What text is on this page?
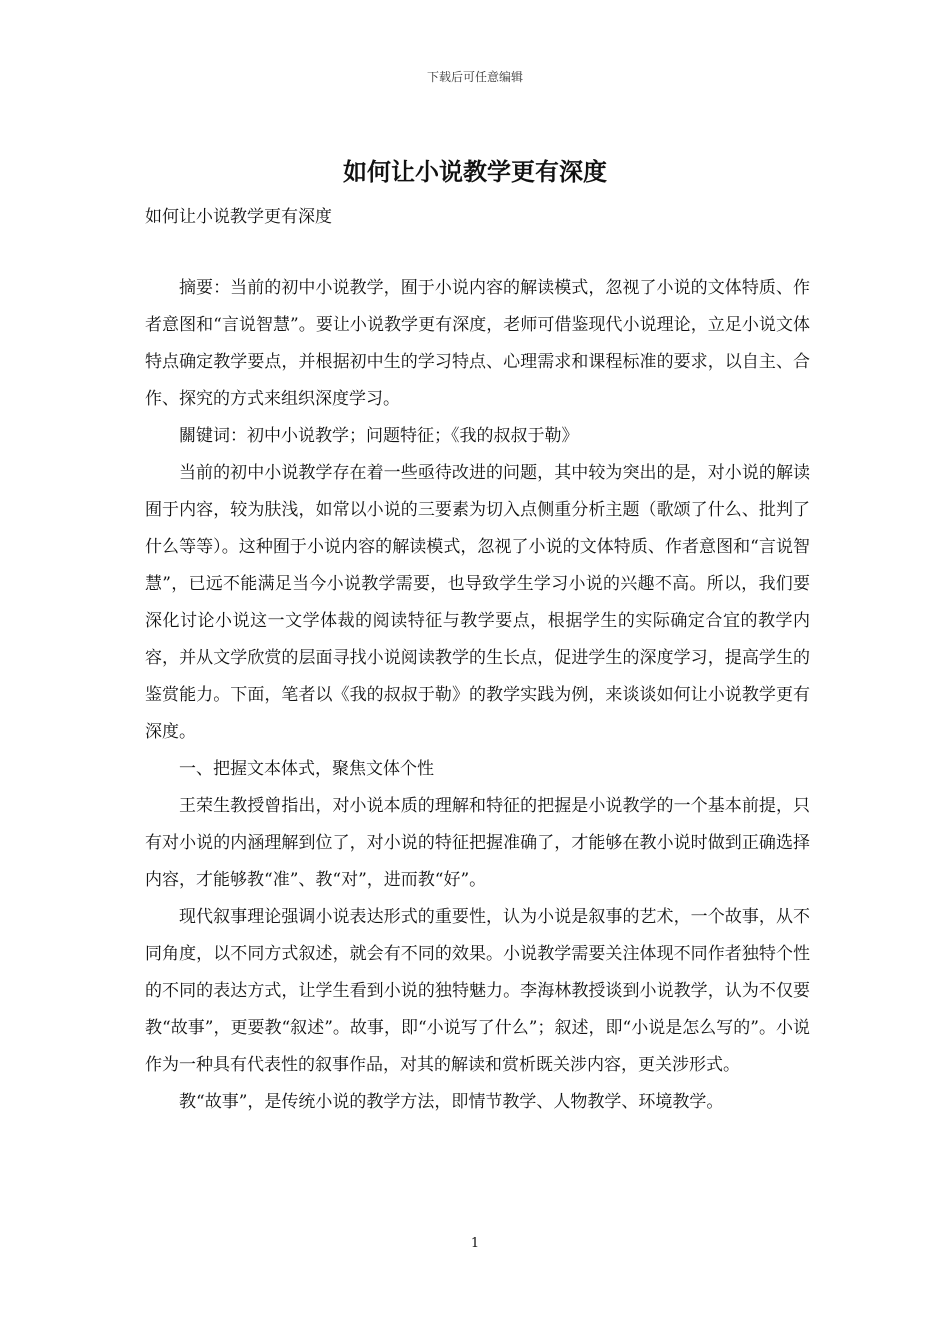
下载后可任意编辑
如何让小说教学更有深度
如何让小说教学更有深度

摘要：当前的初中小说教学，囿于小说内容的解读模式，忽视了小说的文体特质、作者意图和“言说智慧”。要让小说教学更有深度，老师可借鉴现代小说理论，立足小说文体特点确定教学要点，并根据初中生的学习特点、心理需求和课程标准的要求，以自主、合作、探究的方式来组织深度学习。

關键词：初中小说教学；问题特征；《我的叔叔于勒》

当前的初中小说教学存在着一些亟待改进的问题，其中较为突出的是，对小说的解读囿于内容，较为肤浅，如常以小说的三要素为切入点侧重分析主题（歌颂了什么、批判了什么等等）。这种囿于小说内容的解读模式，忽视了小说的文体特质、作者意图和“言说智慧”，已远不能满足当今小说教学需要，也导致学生学习小说的兴趣不高。所以，我们要深化讨论小说这一文学体裁的阅读特征与教学要点，根据学生的实际确定合宜的教学内容，并从文学欣赏的层面寻找小说阅读教学的生长点，促进学生的深度学习，提高学生的鉴赏能力。下面，笔者以《我的叔叔于勒》的教学实践为例，来谈谈如何让小说教学更有深度。

一、把握文本体式，聚焦文体个性

王荣生教授曾指出，对小说本质的理解和特征的把握是小说教学的一个基本前提，只有对小说的内涵理解到位了，对小说的特征把握准确了，才能够在教小说时做到正确选择内容，才能够教“准”、教“对”，进而教“好”。

现代叙事理论强调小说表达形式的重要性，认为小说是叙事的艺术，一个故事，从不同角度，以不同方式叙述，就会有不同的效果。小说教学需要关注体现不同作者独特个性的不同的表达方式，让学生看到小说的独特魅力。李海林教授谈到小说教学，认为不仅要教“故事”，更要教“叙述”。故事，即“小说写了什么”；叙述，即“小说是怎么写的”。小说作为一种具有代表性的叙事作品，对其的解读和赏析既关涉内容，更关涉形式。

教“故事”，是传统小说的教学方法，即情节教学、人物教学、环境教学。

1
